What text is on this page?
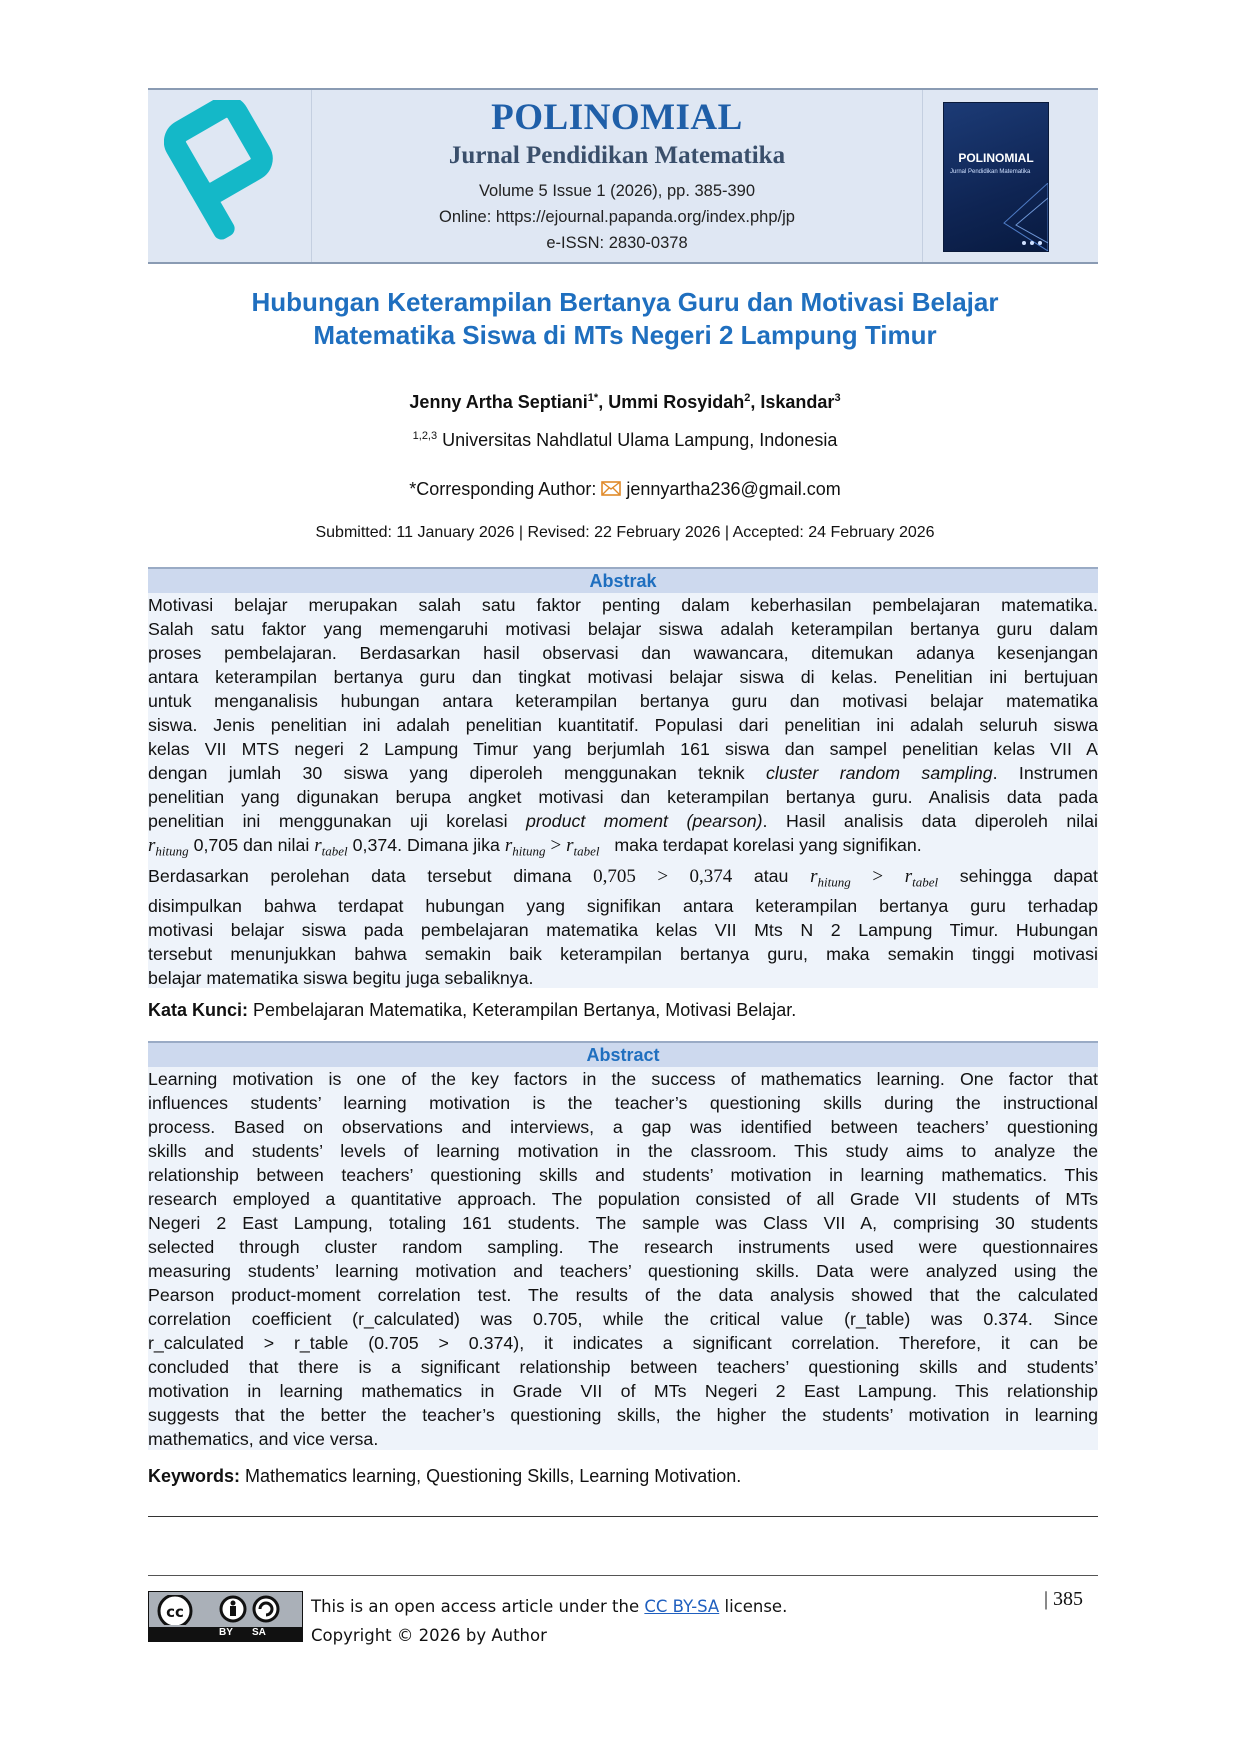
POLINOMIAL
Jurnal Pendidikan Matematika
Volume 5 Issue 1 (2026), pp. 385-390
Online: https://ejournal.papanda.org/index.php/jp
e-ISSN: 2830-0378
POLINOMIAL
Jurnal Pendidikan Matematika
Hubungan Keterampilan Bertanya Guru dan Motivasi Belajar
Matematika Siswa di MTs Negeri 2 Lampung Timur
Jenny Artha Septiani$^{1*}$, Ummi Rosyidah$^2$, Iskandar$^3$
$^{1,2,3}$ Universitas Nahdlatul Ulama Lampung, Indonesia
*Corresponding Author: jennyartha236@gmail.com
Submitted: 11 January 2026 | Revised: 22 February 2026 | Accepted: 24 February 2026
Abstrak
Motivasi belajar merupakan salah satu faktor penting dalam keberhasilan pembelajaran matematika.
Salah satu faktor yang memengaruhi motivasi belajar siswa adalah keterampilan bertanya guru dalam
proses pembelajaran. Berdasarkan hasil observasi dan wawancara, ditemukan adanya kesenjangan
antara keterampilan bertanya guru dan tingkat motivasi belajar siswa di kelas. Penelitian ini bertujuan
untuk menganalisis hubungan antara keterampilan bertanya guru dan motivasi belajar matematika
siswa. Jenis penelitian ini adalah penelitian kuantitatif. Populasi dari penelitian ini adalah seluruh siswa
kelas VII MTS negeri 2 Lampung Timur yang berjumlah 161 siswa dan sampel penelitian kelas VII A
dengan jumlah 30 siswa yang diperoleh menggunakan teknik cluster random sampling. Instrumen
penelitian yang digunakan berupa angket motivasi dan keterampilan bertanya guru. Analisis data pada
penelitian ini menggunakan uji korelasi product moment (pearson). Hasil analisis data diperoleh nilai
$r_{hitung}$ 0,705 dan nilai $r_{tabel}$ 0,374. Dimana jika $r_{hitung} > r_{tabel}$ maka terdapat korelasi yang signifikan.
Berdasarkan perolehan data tersebut dimana 0,705 > 0,374 atau $r_{hitung} > r_{tabel}$ sehingga dapat
disimpulkan bahwa terdapat hubungan yang signifikan antara keterampilan bertanya guru terhadap
motivasi belajar siswa pada pembelajaran matematika kelas VII Mts N 2 Lampung Timur. Hubungan
tersebut menunjukkan bahwa semakin baik keterampilan bertanya guru, maka semakin tinggi motivasi
belajar matematika siswa begitu juga sebaliknya.
Kata Kunci: Pembelajaran Matematika, Keterampilan Bertanya, Motivasi Belajar.
Abstract
Learning motivation is one of the key factors in the success of mathematics learning. One factor that
influences students’ learning motivation is the teacher’s questioning skills during the instructional
process. Based on observations and interviews, a gap was identified between teachers’ questioning
skills and students’ levels of learning motivation in the classroom. This study aims to analyze the
relationship between teachers’ questioning skills and students’ motivation in learning mathematics. This
research employed a quantitative approach. The population consisted of all Grade VII students of MTs
Negeri 2 East Lampung, totaling 161 students. The sample was Class VII A, comprising 30 students
selected through cluster random sampling. The research instruments used were questionnaires
measuring students’ learning motivation and teachers’ questioning skills. Data were analyzed using the
Pearson product-moment correlation test. The results of the data analysis showed that the calculated
correlation coefficient (r_calculated) was 0.705, while the critical value (r_table) was 0.374. Since
r_calculated > r_table (0.705 > 0.374), it indicates a significant correlation. Therefore, it can be
concluded that there is a significant relationship between teachers’ questioning skills and students’
motivation in learning mathematics in Grade VII of MTs Negeri 2 East Lampung. This relationship
suggests that the better the teacher’s questioning skills, the higher the students’ motivation in learning
mathematics, and vice versa.
Keywords: Mathematics learning, Questioning Skills, Learning Motivation.
cc
BY SA
This is an open access article under the CC BY-SA license.
Copyright © 2026 by Author
| 385
